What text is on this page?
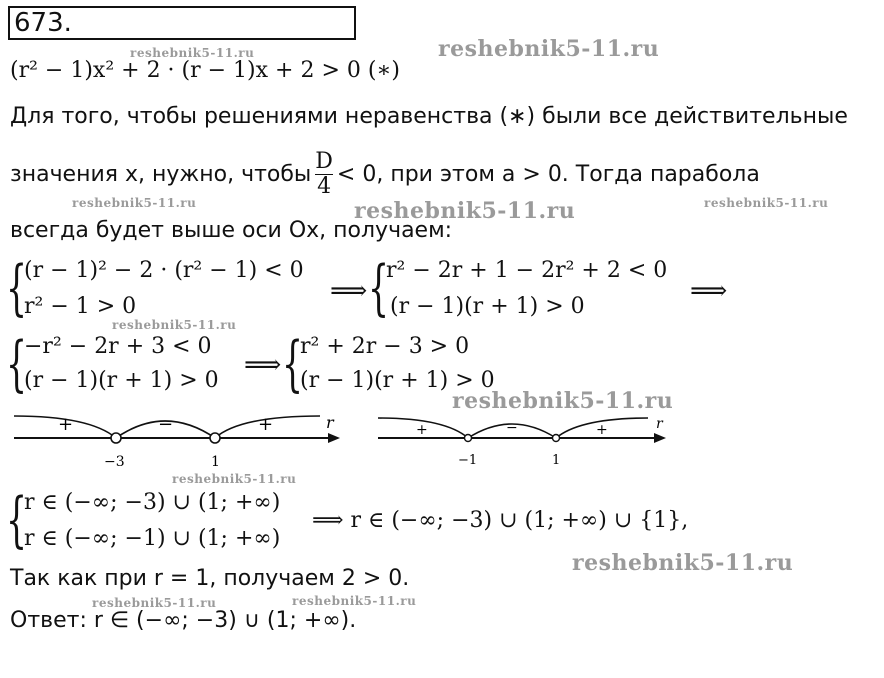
673.
reshebnik5-11.ru	reshebnik5-11.ru
reshebnik5-11.ru	reshebnik5-11.ru	reshebnik5-11.ru
reshebnik5-11.ru
reshebnik5-11.ru
reshebnik5-11.ru
reshebnik5-11.ru
reshebnik5-11.ru	reshebnik5-11.ru
(r² − 1)x² + 2 · (r − 1)x + 2 > 0 (∗)
Для того, чтобы решениями неравенства (∗) были все действительные
значения x, нужно, чтобы $\frac{D}{4} < 0$, при этом a > 0. Тогда парабола
всегда будет выше оси Ox, получаем:
{
(r − 1)² − 2 · (r² − 1) < 0
r² − 1 > 0
⟹ {
r² − 2r + 1 − 2r² + 2 < 0
(r − 1)(r + 1) > 0
⟹
{
−r² − 2r + 3 < 0
(r − 1)(r + 1) > 0
⟹ {
r² + 2r − 3 > 0
(r − 1)(r + 1) > 0
+	−	+	r
−3	1
+	−	+	r
−1	1
{
r ∈ (−∞; −3) ∪ (1; +∞)
r ∈ (−∞; −1) ∪ (1; +∞)
⟹ r ∈ (−∞; −3) ∪ (1; +∞) ∪ {1},
Так как при r = 1, получаем 2 > 0.
Ответ: r ∈ (−∞; −3) ∪ (1; +∞).
